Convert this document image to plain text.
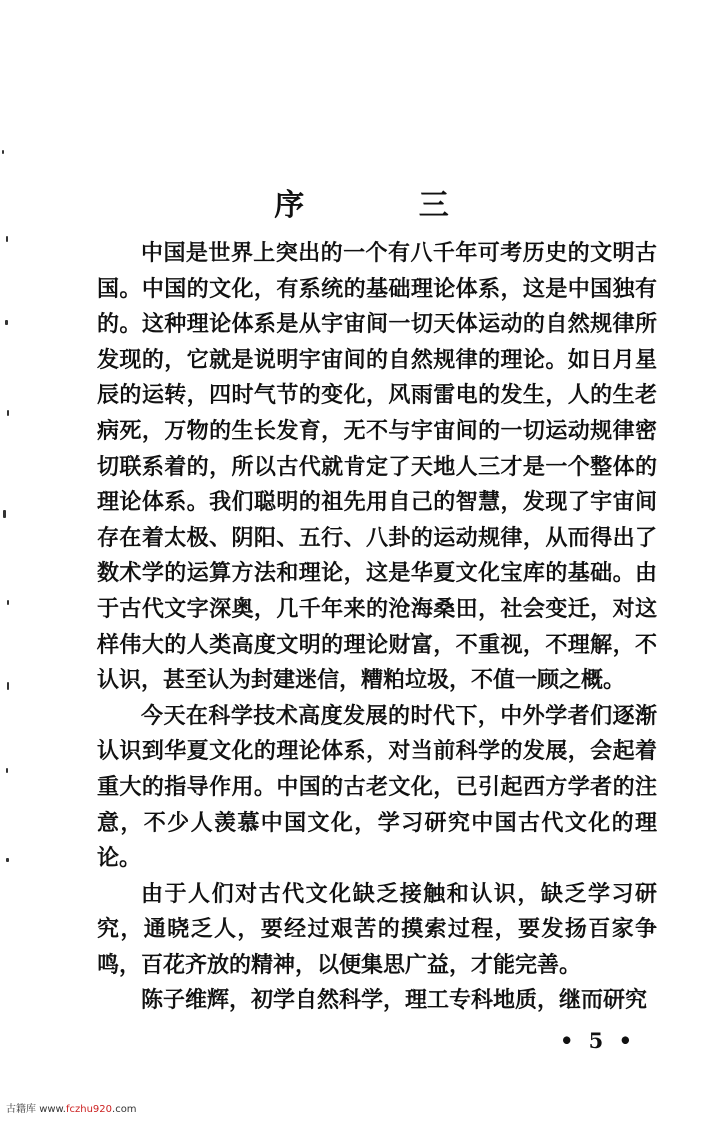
序 三

中国是世界上突出的一个有八千年可考历史的文明古国。中国的文化，有系统的基础理论体系，这是中国独有的。这种理论体系是从宇宙间一切天体运动的自然规律所发现的，它就是说明宇宙间的自然规律的理论。如日月星辰的运转，四时气节的变化，风雨雷电的发生，人的生老病死，万物的生长发育，无不与宇宙间的一切运动规律密切联系着的，所以古代就肯定了天地人三才是一个整体的理论体系。我们聪明的祖先用自己的智慧，发现了宇宙间存在着太极、阴阳、五行、八卦的运动规律，从而得出了数术学的运算方法和理论，这是华夏文化宝库的基础。由于古代文字深奥，几千年来的沧海桑田，社会变迁，对这样伟大的人类高度文明的理论财富，不重视，不理解，不认识，甚至认为封建迷信，糟粕垃圾，不值一顾之概。

今天在科学技术高度发展的时代下，中外学者们逐渐认识到华夏文化的理论体系，对当前科学的发展，会起着重大的指导作用。中国的古老文化，已引起西方学者的注意，不少人羡慕中国文化，学习研究中国古代文化的理论。

由于人们对古代文化缺乏接触和认识，缺乏学习研究，通晓乏人，要经过艰苦的摸索过程，要发扬百家争鸣，百花齐放的精神，以便集思广益，才能完善。

陈子维辉，初学自然科学，理工专科地质，继而研究

• 5 •
古籍库 www.fczhu920.com
